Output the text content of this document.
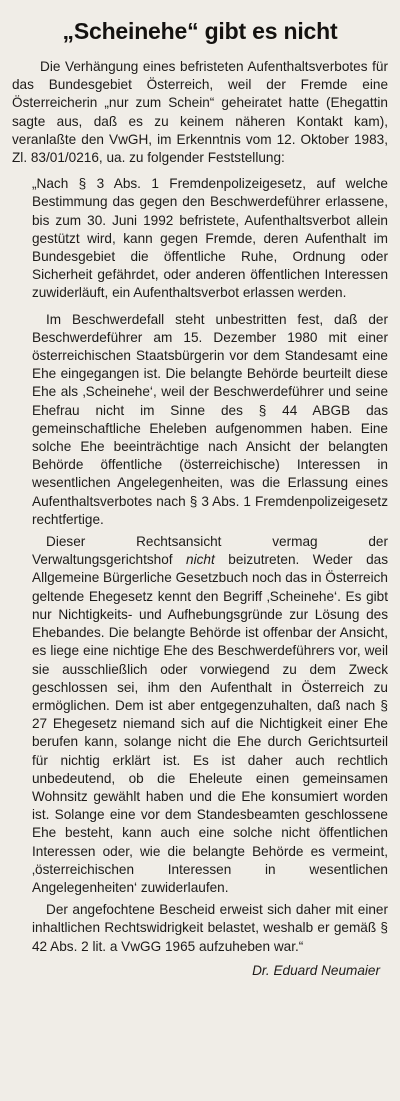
„Scheinehe“ gibt es nicht

Die Verhängung eines befristeten Aufenthaltsverbotes für das Bundesgebiet Österreich, weil der Fremde eine Österreicherin „nur zum Schein“ geheiratet hatte (Ehegattin sagte aus, daß es zu keinem näheren Kontakt kam), veranlaßte den VwGH, im Erkenntnis vom 12. Oktober 1983, Zl. 83/01/0216, ua. zu folgender Feststellung:

„Nach § 3 Abs. 1 Fremdenpolizeigesetz, auf welche Bestimmung das gegen den Beschwerdeführer erlassene, bis zum 30. Juni 1992 befristete, Aufenthaltsverbot allein gestützt wird, kann gegen Fremde, deren Aufenthalt im Bundesgebiet die öffentliche Ruhe, Ordnung oder Sicherheit gefährdet, oder anderen öffentlichen Interessen zuwiderläuft, ein Aufenthaltsverbot erlassen werden.

Im Beschwerdefall steht unbestritten fest, daß der Beschwerdeführer am 15. Dezember 1980 mit einer österreichischen Staatsbürgerin vor dem Standesamt eine Ehe eingegangen ist. Die belangte Behörde beurteilt diese Ehe als ‚Scheinehe‘, weil der Beschwerdeführer und seine Ehefrau nicht im Sinne des § 44 ABGB das gemeinschaftliche Eheleben aufgenommen haben. Eine solche Ehe beeinträchtige nach Ansicht der belangten Behörde öffentliche (österreichische) Interessen in wesentlichen Angelegenheiten, was die Erlassung eines Aufenthaltsverbotes nach § 3 Abs. 1 Fremdenpolizeigesetz rechtfertige.

Dieser Rechtsansicht vermag der Verwaltungsgerichtshof nicht beizutreten. Weder das Allgemeine Bürgerliche Gesetzbuch noch das in Österreich geltende Ehegesetz kennt den Begriff ‚Scheinehe‘. Es gibt nur Nichtigkeits- und Aufhebungsgründe zur Lösung des Ehebandes. Die belangte Behörde ist offenbar der Ansicht, es liege eine nichtige Ehe des Beschwerdeführers vor, weil sie ausschließlich oder vorwiegend zu dem Zweck geschlossen sei, ihm den Aufenthalt in Österreich zu ermöglichen. Dem ist aber entgegenzuhalten, daß nach § 27 Ehegesetz niemand sich auf die Nichtigkeit einer Ehe berufen kann, solange nicht die Ehe durch Gerichtsurteil für nichtig erklärt ist. Es ist daher auch rechtlich unbedeutend, ob die Eheleute einen gemeinsamen Wohnsitz gewählt haben und die Ehe konsumiert worden ist. Solange eine vor dem Standesbeamten geschlossene Ehe besteht, kann auch eine solche nicht öffentlichen Interessen oder, wie die belangte Behörde es vermeint, ‚österreichischen Interessen in wesentlichen Angelegenheiten‘ zuwiderlaufen.

Der angefochtene Bescheid erweist sich daher mit einer inhaltlichen Rechtswidrigkeit belastet, weshalb er gemäß § 42 Abs. 2 lit. a VwGG 1965 aufzuheben war.“

Dr. Eduard Neumaier
